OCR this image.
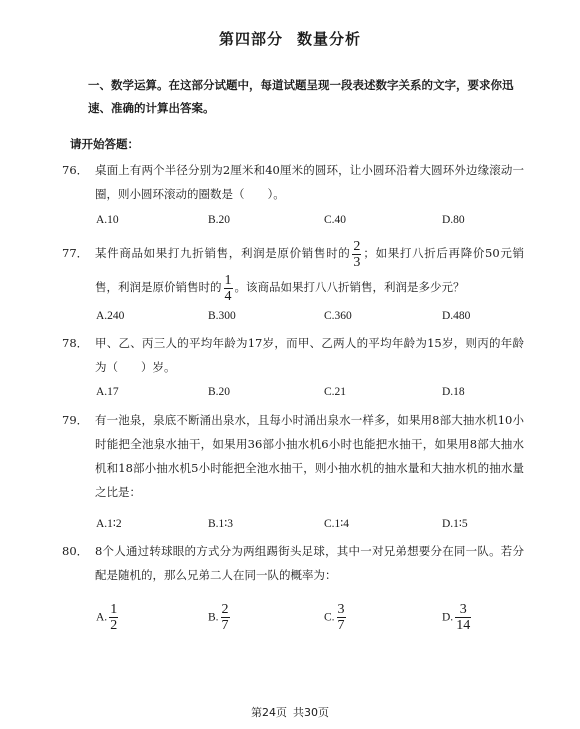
第四部分 数量分析
一、数学运算。在这部分试题中，每道试题呈现一段表述数字关系的文字，要求你迅速、准确的计算出答案。
请开始答题：
76． 桌面上有两个半径分别为2厘米和40厘米的圆环，让小圆环沿着大圆环外边缘滚动一圈，则小圆环滚动的圈数是（　　）。
A.10	B.20	C.40	D.80
77． 某件商品如果打九折销售，利润是原价销售时的 $\frac{2}{3}$ ；如果打八折后再降价50元销售，利润是原价销售时的 $\frac{1}{4}$ 。该商品如果打八八折销售，利润是多少元？
A.240	B.300	C.360	D.480
78． 甲、乙、丙三人的平均年龄为17岁，而甲、乙两人的平均年龄为15岁，则丙的年龄为（　　）岁。
A.17	B.20	C.21	D.18
79． 有一池泉，泉底不断涌出泉水，且每小时涌出泉水一样多，如果用8部大抽水机10小时能把全池泉水抽干，如果用36部小抽水机6小时也能把水抽干，如果用8部大抽水机和18部小抽水机5小时能把全池水抽干，则小抽水机的抽水量和大抽水机的抽水量之比是：
A.1∶2	B.1∶3	C.1∶4	D.1∶5
80． 8个人通过转球眼的方式分为两组踢街头足球，其中一对兄弟想要分在同一队。若分配是随机的，那么兄弟二人在同一队的概率为：
A. $\frac{1}{2}$	B. $\frac{2}{7}$	C. $\frac{3}{7}$	D. $\frac{3}{14}$
第24页 共30页
